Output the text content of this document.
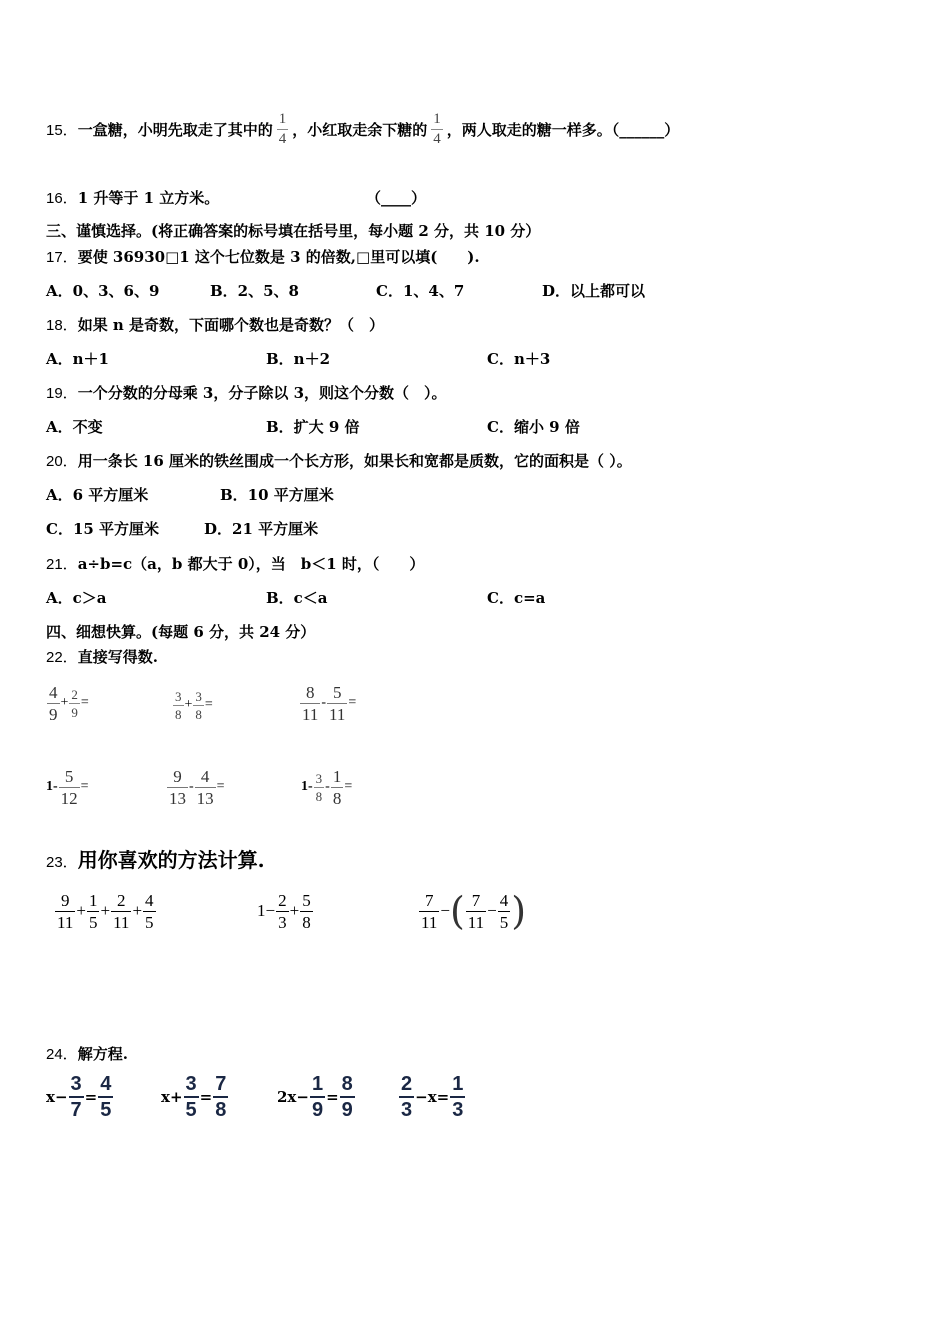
15． 一盒糖，小明先取走了其中的 $\frac{1}{4}$ ，小红取走余下糖的 $\frac{1}{4}$ ，两人取走的糖一样多。（______）
16．1 升等于 1 立方米。	（____）
三、谨慎选择。(将正确答案的标号填在括号里，每小题 2 分，共 10 分）
17．要使 36930□1 这个七位数是 3 的倍数,□里可以填(　　).
A．0、3、6、9	B．2、5、8	C．1、4、7	D．以上都可以
18．如果 n 是奇数，下面哪个数也是奇数？（　）
A．n＋1	B．n＋2	C．n＋3
19．一个分数的分母乘 3，分子除以 3，则这个分数（　）。
A．不变	B．扩大 9 倍	C．缩小 9 倍
20．用一条长 16 厘米的铁丝围成一个长方形，如果长和宽都是质数，它的面积是（ ）。
A．6 平方厘米	B．10 平方厘米
C．15 平方厘米	D．21 平方厘米
21．a÷b=c（a，b 都大于 0），当　b＜1 时，（　　）
A．c＞a	B．c＜a	C．c=a
四、细想快算。(每题 6 分，共 24 分）
22．直接写得数.
$\frac{4}{9} + \frac{2}{9}$ =	$\frac{3}{8} + \frac{3}{8}$ =	$\frac{8}{11} - \frac{5}{11}$ =
$1- \frac{5}{12}$ =	$\frac{9}{13} - \frac{4}{13}$ =	$1- \frac{3}{8} - \frac{1}{8}$ =
23． 用你喜欢的方法计算.
$\frac{9}{11} + \frac{1}{5} + \frac{2}{11} + \frac{4}{5}$	$1 - \frac{2}{3} + \frac{5}{8}$	$\frac{7}{11}$ − ( $\frac{7}{11} - \frac{4}{5}$ )
24．解方程.
$x- \frac{3}{7} = \frac{4}{5}$	$x+ \frac{3}{5} = \frac{7}{8}$	$2x- \frac{1}{9} = \frac{8}{9} \frac{2}{3} -x= \frac{1}{3}$
